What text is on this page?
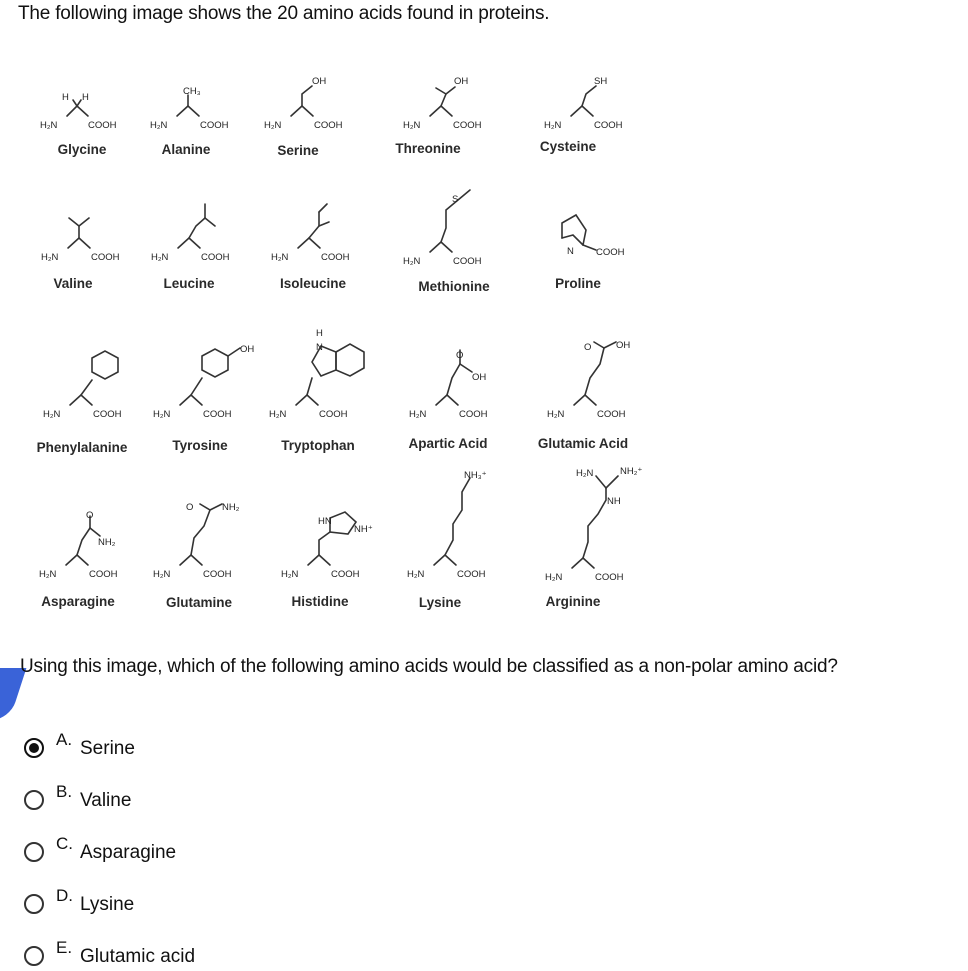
The following image shows the 20 amino acids found in proteins.
H₂N	COOH
H H
H₂N	COOH
CH₃
H₂N	COOH
OH
H₂N	COOH
OH
H₂N	COOH
SH
H₂N	COOH	H₂N	COOH	H₂N	COOH	H₂N	COOH
S
COOH
N
H₂N	COOH	H₂N	COOH
OH
H₂N	COOH
H
N
H₂N	COOH
O
OH
H₂N	COOH
O	OH
H₂N	COOH
O
NH₂
H₂N	COOH
O	NH₂
H₂N	COOH
HN
NH⁺
H₂N	COOH
NH₃⁺
H₂N	COOH
NH
H₂N	NH₂⁺
Glycine	Alanine	Serine	Threonine	Cysteine
Valine	Leucine	Isoleucine	Methionine	Proline
Phenylalanine	Tyrosine	Tryptophan	Apartic Acid	Glutamic Acid
Asparagine	Glutamine	Histidine	Lysine	Arginine
Using this image, which of the following amino acids would be classified as a non-polar amino acid?
A. Serine
B. Valine
C. Asparagine
D. Lysine
E. Glutamic acid
